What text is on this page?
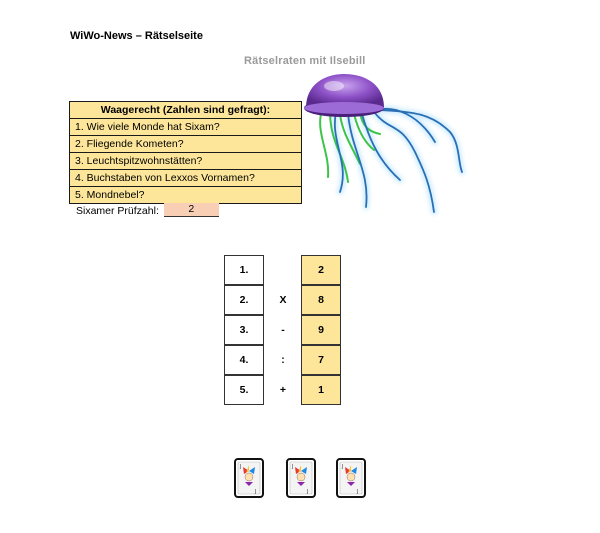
WiWo-News – Rätselseite
Rätselraten mit Ilsebill
Waagerecht (Zahlen sind gefragt):
1. Wie viele Monde hat Sixam?
2. Fliegende Kometen?
3. Leuchtspitzwohnstätten?
4. Buchstaben von Lexxos Vornamen?
5. Mondnebel?
Sixamer Prüfzahl:	2
1.	2
2.	X	8
3.	-	9
4.	:	7
5.	+	1
J
J
J
J
J
J
